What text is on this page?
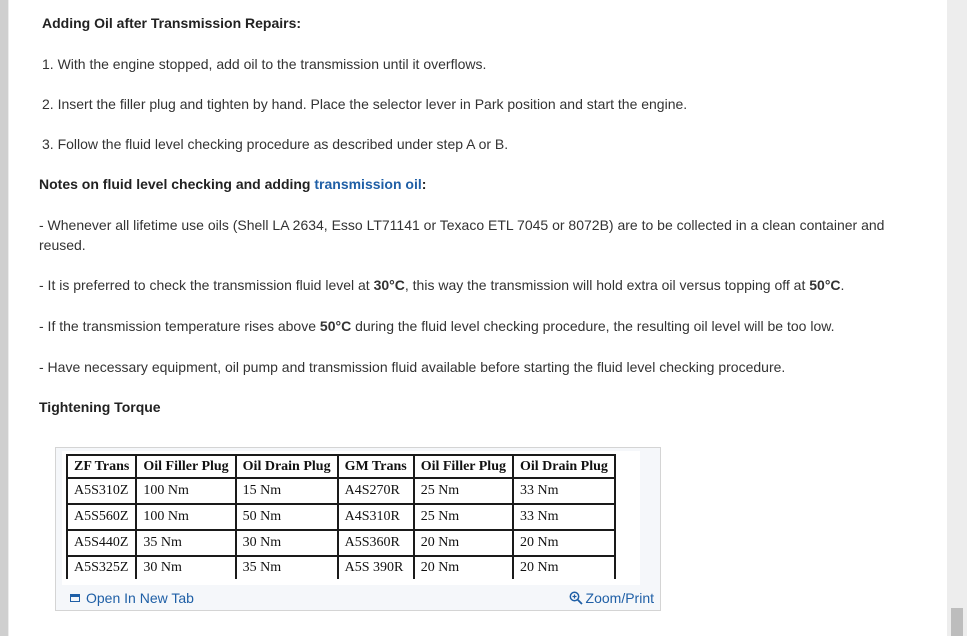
Adding Oil after Transmission Repairs:

1. With the engine stopped, add oil to the transmission until it overflows.

2. Insert the filler plug and tighten by hand. Place the selector lever in Park position and start the engine.

3. Follow the fluid level checking procedure as described under step A or B.

Notes on fluid level checking and adding transmission oil:

- Whenever all lifetime use oils (Shell LA 2634, Esso LT71141 or Texaco ETL 7045 or 8072B) are to be collected in a clean container and reused.

- It is preferred to check the transmission fluid level at 30°C, this way the transmission will hold extra oil versus topping off at 50°C.

- If the transmission temperature rises above 50°C during the fluid level checking procedure, the resulting oil level will be too low.

- Have necessary equipment, oil pump and transmission fluid available before starting the fluid level checking procedure.

Tightening Torque

ZF Trans	Oil Filler Plug	Oil Drain Plug	GM Trans	Oil Filler Plug	Oil Drain Plug
A5S310Z	100 Nm	15 Nm	A4S270R	25 Nm	33 Nm
A5S560Z	100 Nm	50 Nm	A4S310R	25 Nm	33 Nm
A5S440Z	35 Nm	30 Nm	A5S360R	20 Nm	20 Nm
A5S325Z	30 Nm	35 Nm	A5S 390R	20 Nm	20 Nm
Open In New Tab	Zoom/Print
